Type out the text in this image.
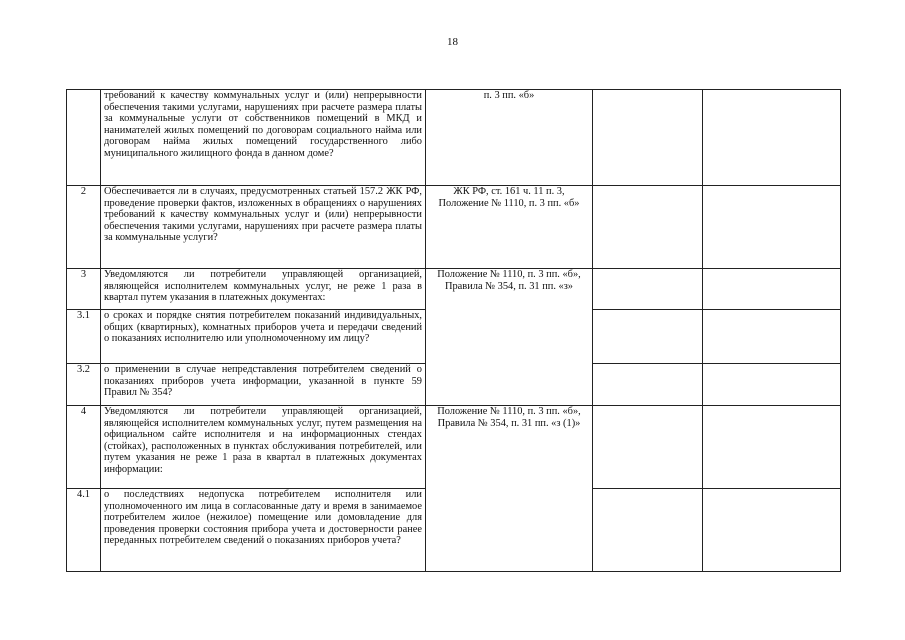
18
	требований к качеству коммунальных услуг и (или) непрерывности обеспечения такими услугами, нарушениях при расчете размера платы за коммунальные услуги от собственников помещений в МКД и нанимателей жилых помещений по договорам социального найма или договорам найма жилых помещений государственного либо муниципального жилищного фонда в данном доме?	п. 3 пп. «б»		
2	Обеспечивается ли в случаях, предусмотренных статьей 157.2 ЖК РФ, проведение проверки фактов, изложенных в обращениях о нарушениях требований к качеству коммунальных услуг и (или) непрерывности обеспечения такими услугами, нарушениях при расчете размера платы за коммунальные услуги?	ЖК РФ, ст. 161 ч. 11 п. 3, Положение № 1110, п. 3 пп. «б»		
3	Уведомляются ли потребители управляющей организацией, являющейся исполнителем коммунальных услуг, не реже 1 раза в квартал путем указания в платежных документах:	Положение № 1110, п. 3 пп. «б», Правила № 354, п. 31 пп. «з»		
3.1	о сроках и порядке снятия потребителем показаний индивидуальных, общих (квартирных), комнатных приборов учета и передачи сведений о показаниях исполнителю или уполномоченному им лицу?			
3.2	о применении в случае непредставления потребителем сведений о показаниях приборов учета информации, указанной в пункте 59 Правил № 354?			
4	Уведомляются ли потребители управляющей организацией, являющейся исполнителем коммунальных услуг, путем размещения на официальном сайте исполнителя и на информационных стендах (стойках), расположенных в пунктах обслуживания потребителей, или путем указания не реже 1 раза в квартал в платежных документах информации:	Положение № 1110, п. 3 пп. «б», Правила № 354, п. 31 пп. «з (1)»		
4.1	о последствиях недопуска потребителем исполнителя или уполномоченного им лица в согласованные дату и время в занимаемое потребителем жилое (нежилое) помещение или домовладение для проведения проверки состояния прибора учета и достоверности ранее переданных потребителем сведений о показаниях приборов учета?			
